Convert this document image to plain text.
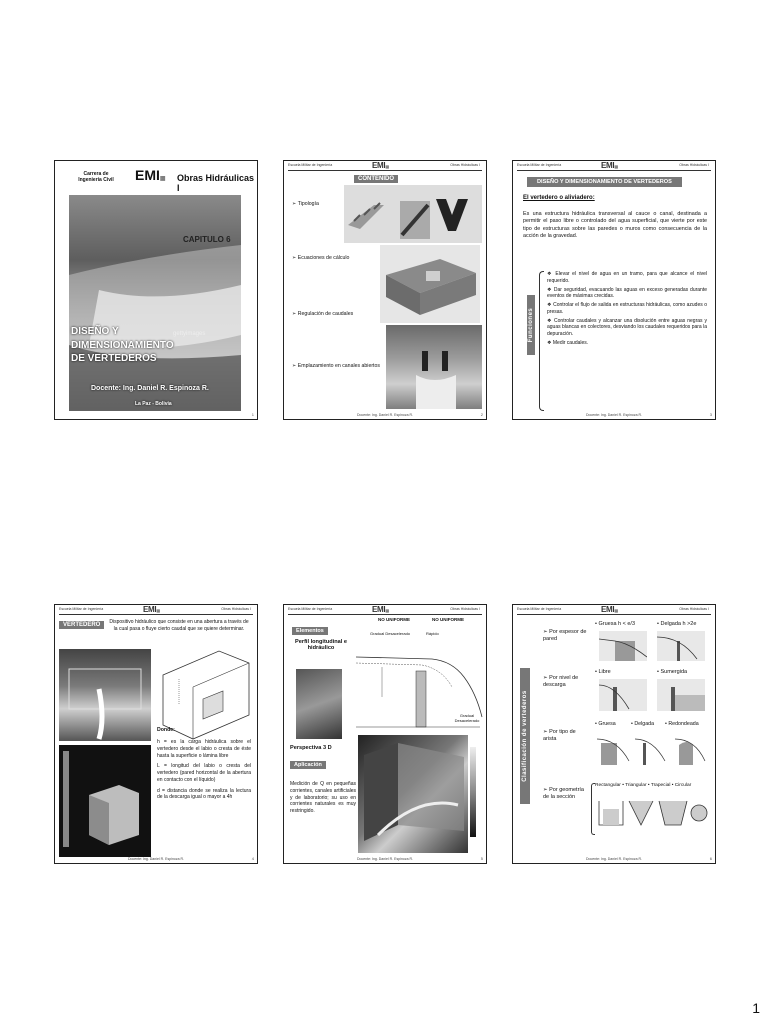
Carrera de Ingeniería Civil EMI▦ Obras Hidráulicas I
CAPITULO 6
gettyimages
DISEÑO Y
DIMENSIONAMIENTO
DE VERTEDEROS
Docente: Ing. Daniel R. Espinoza R.
La Paz - Bolivia
1
Escuela Militar de Ingeniería	EMI▦	Obras Hidráulicas I
CONTENIDO
➢ Tipología
➢ Ecuaciones de cálculo
➢ Regulación de caudales
➢ Emplazamiento en canales abiertos
Docente: Ing. Daniel R. Espinoza R.	2
Escuela Militar de Ingeniería	EMI▦	Obras Hidráulicas I
DISEÑO Y DIMENSIONAMIENTO DE VERTEDEROS
El vertedero o aliviadero:
Es una estructura hidráulica transversal al cauce o canal, destinada a permitir el paso libre o controlado del agua superficial, que vierte por este tipo de estructuras sobre las paredes o muros como consecuencia de la acción de la gravedad.
Funciones
❖ Elevar el nivel de agua en un tramo, para que alcance el nivel requerido.
❖ Dar seguridad, evacuando las aguas en exceso generadas durante eventos de máximas crecidas.
❖ Controlar el flujo de salida en estructuras hidráulicas, como azudes o presas.
❖ Controlar caudales y alcanzar una disolución entre aguas negras y aguas blancas en colectores, desviando los caudales requeridos para la depuración.
❖ Medir caudales.
Docente: Ing. Daniel R. Espinoza R.	3
Escuela Militar de Ingeniería	EMI▦	Obras Hidráulicas I
VERTEDERO	Dispositivo hidráulico que consiste en una abertura a través de la cual pasa o fluye cierto caudal que se quiere determinar.
Donde:

h = es la carga hidráulica sobre el vertedero desde el labio o cresta de éste hasta la superficie o lámina libre

L = longitud del labio o cresta del vertedero (pared horizontal de la abertura en contacto con el líquido)

d = distancia donde se realiza la lectura de la descarga igual o mayor a 4h

Docente: Ing. Daniel R. Espinoza R.	4
Escuela Militar de Ingeniería	EMI▦	Obras Hidráulicas I
Elementos
Perfil longitudinal e hidráulico
NO UNIFORME	NO UNIFORME
Gradual Desacelerado	Rápido
Gradual Desacelerado
Perspectiva 3 D
Aplicación
Medición de Q en pequeñas corrientes, canales artificiales y de laboratorio; su uso en corrientes naturales es muy restringido.
Docente: Ing. Daniel R. Espinoza R.	5
Escuela Militar de Ingeniería	EMI▦	Obras Hidráulicas I
Clasificación de vertederos
➢ Por espesor de pared
• Gruesa h < e/3	• Delgada h >2e
➢ Por nivel de descarga
• Libre	• Sumergida
➢ Por tipo de arista
• Gruesa	• Delgada • Redondeada
➢ Por geometría de la sección
Rectangular • Triangular • Trapecial • Circular
Docente: Ing. Daniel R. Espinoza R.	6
1
